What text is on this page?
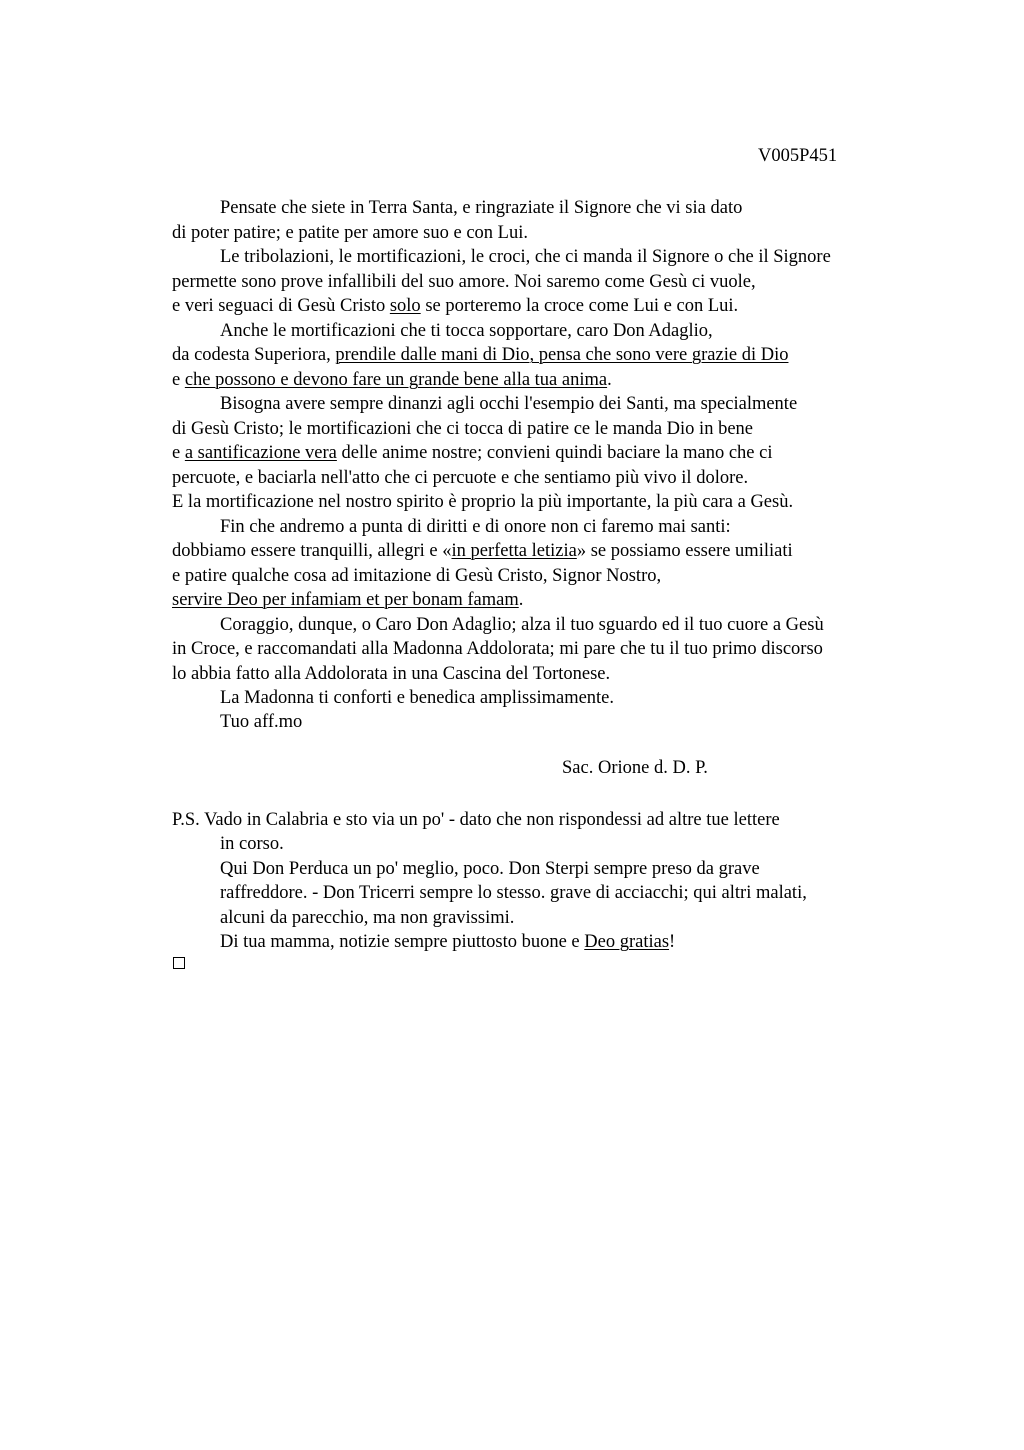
V005P451
Pensate che siete in Terra Santa, e ringraziate il Signore che vi sia dato
di poter patire; e patite per amore suo e con Lui.
Le tribolazioni, le mortificazioni, le croci, che ci manda il Signore o che il Signore
permette sono prove infallibili del suo amore. Noi saremo come Gesù ci vuole,
e veri seguaci di Gesù Cristo solo se porteremo la croce come Lui e con Lui.
Anche le mortificazioni che ti tocca sopportare, caro Don Adaglio,
da codesta Superiora, prendile dalle mani di Dio, pensa che sono vere grazie di Dio
e che possono e devono fare un grande bene alla tua anima.
Bisogna avere sempre dinanzi agli occhi l'esempio dei Santi, ma specialmente
di Gesù Cristo; le mortificazioni che ci tocca di patire ce le manda Dio in bene
e a santificazione vera delle anime nostre; convieni quindi baciare la mano che ci
percuote, e baciarla nell'atto che ci percuote e che sentiamo più vivo il dolore.
E la mortificazione nel nostro spirito è proprio la più importante, la più cara a Gesù.
Fin che andremo a punta di diritti e di onore non ci faremo mai santi:
dobbiamo essere tranquilli, allegri e «in perfetta letizia» se possiamo essere umiliati
e patire qualche cosa ad imitazione di Gesù Cristo, Signor Nostro,
servire Deo per infamiam et per bonam famam.
Coraggio, dunque, o Caro Don Adaglio; alza il tuo sguardo ed il tuo cuore a Gesù
in Croce, e raccomandati alla Madonna Addolorata; mi pare che tu il tuo primo discorso
lo abbia fatto alla Addolorata in una Cascina del Tortonese.
La Madonna ti conforti e benedica amplissimamente.
Tuo aff.mo
Sac. Orione d. D. P.
P.S. Vado in Calabria e sto via un po' - dato che non rispondessi ad altre tue lettere
in corso.
Qui Don Perduca un po' meglio, poco. Don Sterpi sempre preso da grave
raffreddore. - Don Tricerri sempre lo stesso. grave di acciacchi; qui altri malati,
alcuni da parecchio, ma non gravissimi.
Di tua mamma, notizie sempre piuttosto buone e Deo gratias!
